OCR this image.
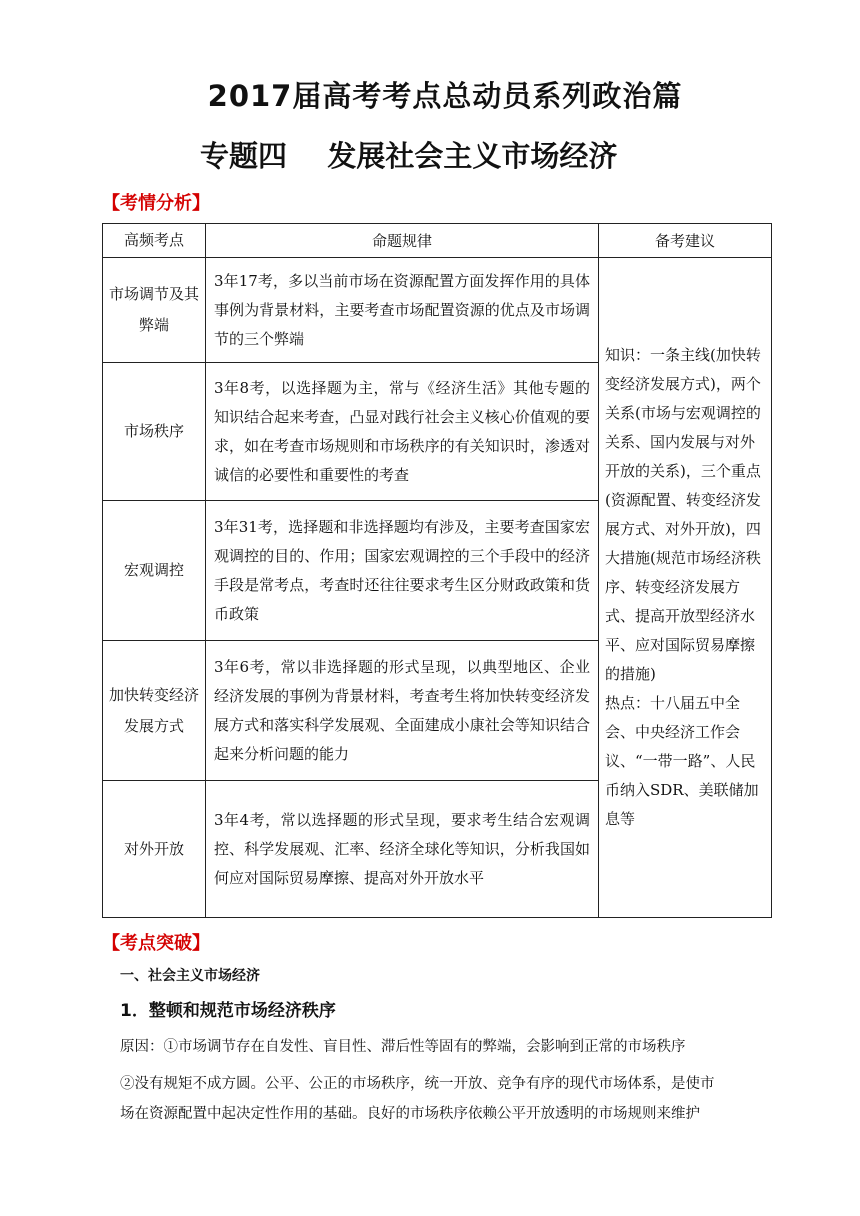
2017届高考考点总动员系列政治篇
专题四    发展社会主义市场经济
【考情分析】
高频考点	命题规律	备考建议
市场调节及其弊端	3年17考，多以当前市场在资源配置方面发挥作用的具体事例为背景材料，主要考查市场配置资源的优点及市场调节的三个弊端	知识：一条主线(加快转变经济发展方式)，两个关系(市场与宏观调控的关系、国内发展与对外开放的关系)，三个重点(资源配置、转变经济发展方式、对外开放)，四大措施(规范市场经济秩序、转变经济发展方式、提高开放型经济水平、应对国际贸易摩擦的措施)
热点：十八届五中全会、中央经济工作会议、“一带一路”、人民币纳入SDR、美联储加息等
市场秩序	3年8考，以选择题为主，常与《经济生活》其他专题的知识结合起来考查，凸显对践行社会主义核心价值观的要求，如在考查市场规则和市场秩序的有关知识时，渗透对诚信的必要性和重要性的考查	
宏观调控	3年31考，选择题和非选择题均有涉及，主要考查国家宏观调控的目的、作用；国家宏观调控的三个手段中的经济手段是常考点，考查时还往往要求考生区分财政政策和货币政策	
加快转变经济发展方式	3年6考，常以非选择题的形式呈现，以典型地区、企业经济发展的事例为背景材料，考查考生将加快转变经济发展方式和落实科学发展观、全面建成小康社会等知识结合起来分析问题的能力	
对外开放	3年4考，常以选择题的形式呈现，要求考生结合宏观调控、科学发展观、汇率、经济全球化等知识，分析我国如何应对国际贸易摩擦、提高对外开放水平	
【考点突破】
一、社会主义市场经济
1．整顿和规范市场经济秩序
原因：①市场调节存在自发性、盲目性、滞后性等固有的弊端，会影响到正常的市场秩序
②没有规矩不成方圆。公平、公正的市场秩序，统一开放、竞争有序的现代市场体系，是使市
场在资源配置中起决定性作用的基础。良好的市场秩序依赖公平开放透明的市场规则来维护
